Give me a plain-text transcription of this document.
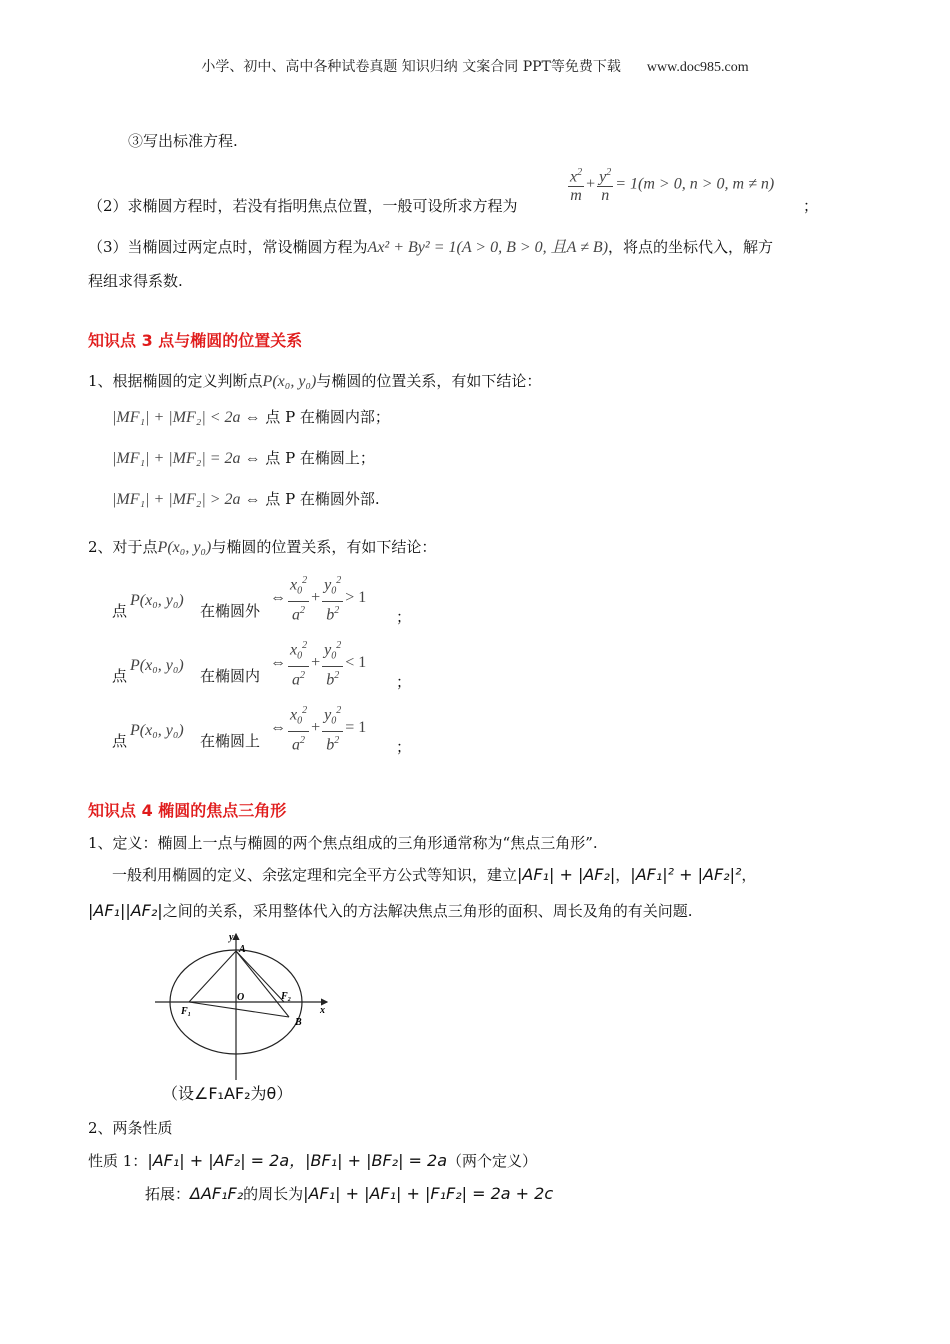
小学、初中、高中各种试卷真题 知识归纳 文案合同 PPT等免费下载 www.doc985.com
③写出标准方程.
（2）求椭圆方程时，若没有指明焦点位置，一般可设所求方程为
$\frac{x^2}{m} + \frac{y^2}{n} = 1(m > 0$, n > 0, m ≠ n)
；
（3）当椭圆过两定点时，常设椭圆方程为Ax² + By² = 1(A > 0, B > 0, 且A ≠ B)，将点的坐标代入，解方
程组求得系数.
知识点 3 点与椭圆的位置关系
1、根据椭圆的定义判断点P(x₀, y₀)与椭圆的位置关系，有如下结论：
|MF₁| + |MF₂| < 2a ⇔ 点 P 在椭圆内部；
|MF₁| + |MF₂| = 2a ⇔ 点 P 在椭圆上；
|MF₁| + |MF₂| > 2a ⇔ 点 P 在椭圆外部.
2、对于点P(x₀, y₀)与椭圆的位置关系，有如下结论：
点
P(x₀, y₀)
在椭圆外
⇔ $\frac{x_0^2}{a^2} + \frac{y_0^2}{b^2} > 1$
；
点
P(x₀, y₀)
在椭圆内
⇔ $\frac{x_0^2}{a^2} + \frac{y_0^2}{b^2} < 1$
；
点
P(x₀, y₀)
在椭圆上
⇔ $\frac{x_0^2}{a^2} + \frac{y_0^2}{b^2} = 1$
；
知识点 4 椭圆的焦点三角形
1、定义：椭圆上一点与椭圆的两个焦点组成的三角形通常称为“焦点三角形”.
一般利用椭圆的定义、余弦定理和完全平方公式等知识，建立|AF₁| + |AF₂|，|AF₁|² + |AF₂|²，
|AF₁||AF₂|之间的关系，采用整体代入的方法解决焦点三角形的面积、周长及角的有关问题.
y
x
A
B
O
F₁
F₂
（设∠F₁AF₂为θ）
2、两条性质
性质 1：|AF₁| + |AF₂| = 2a，|BF₁| + |BF₂| = 2a（两个定义）
拓展：ΔAF₁F₂的周长为|AF₁| + |AF₁| + |F₁F₂| = 2a + 2c
